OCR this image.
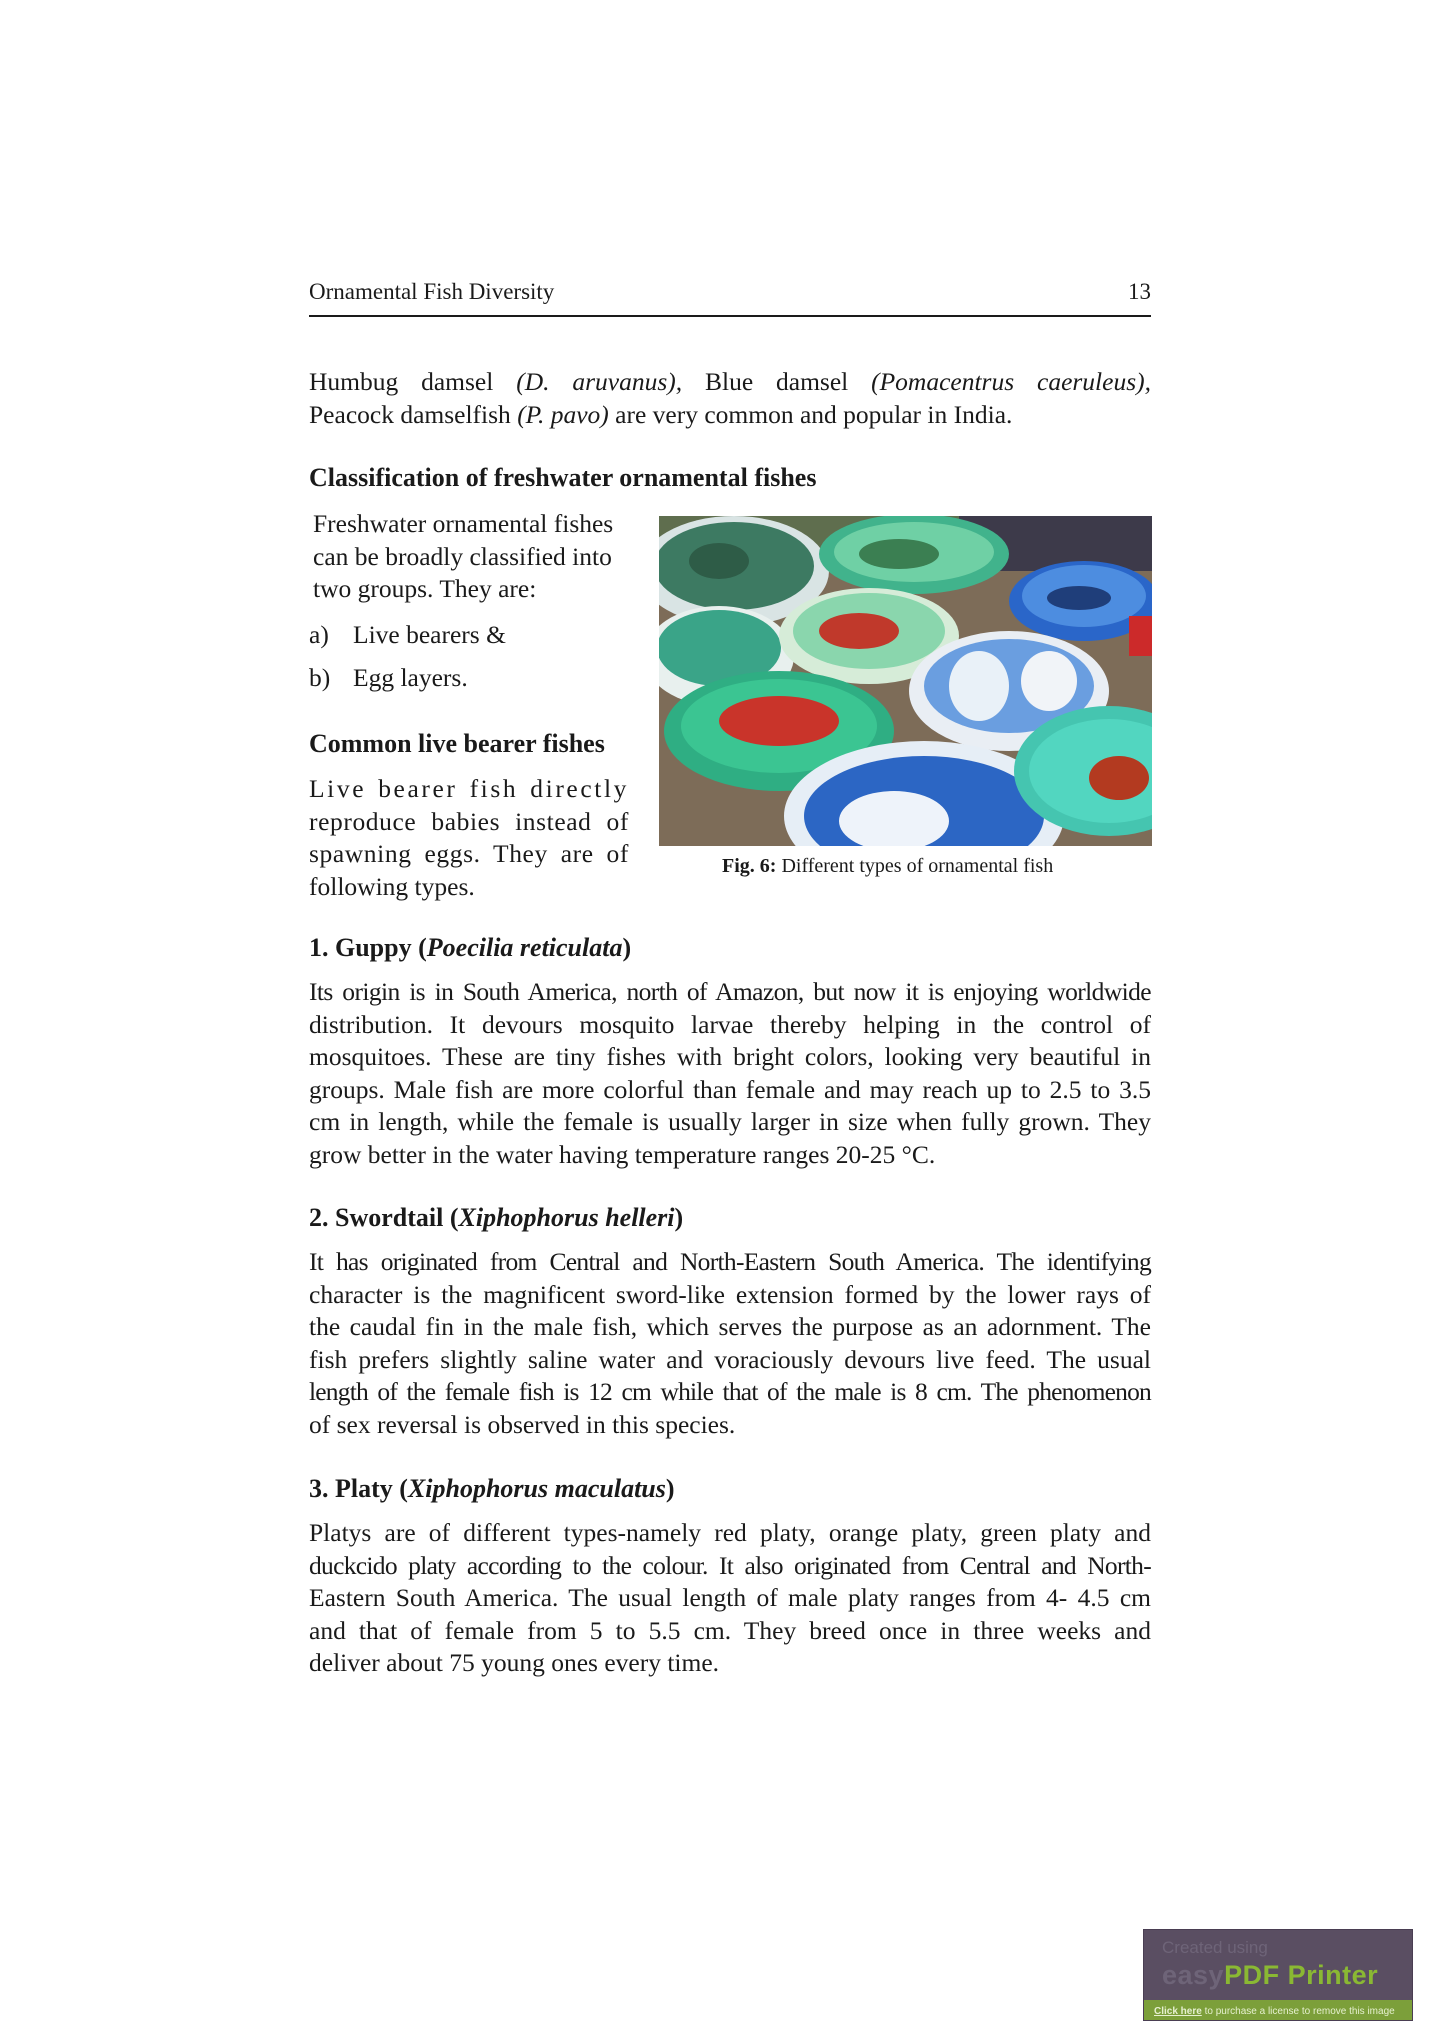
Ornamental Fish Diversity	13
Humbug damsel (D. aruvanus), Blue damsel (Pomacentrus caeruleus),
Peacock damselfish (P. pavo) are very common and popular in India.
Classification of freshwater ornamental fishes
Freshwater ornamental fishes
can be broadly classified into
two groups. They are:
a) Live bearers &
b) Egg layers.
Common live bearer fishes
Live bearer fish directly
reproduce babies instead of
spawning eggs. They are of
following types.
Fig. 6: Different types of ornamental fish
1. Guppy (Poecilia reticulata)
Its origin is in South America, north of Amazon, but now it is enjoying worldwide
distribution. It devours mosquito larvae thereby helping in the control of
mosquitoes. These are tiny fishes with bright colors, looking very beautiful in
groups. Male fish are more colorful than female and may reach up to 2.5 to 3.5
cm in length, while the female is usually larger in size when fully grown. They
grow better in the water having temperature ranges 20-25 °C.
2. Swordtail (Xiphophorus helleri)
It has originated from Central and North-Eastern South America. The identifying
character is the magnificent sword-like extension formed by the lower rays of
the caudal fin in the male fish, which serves the purpose as an adornment. The
fish prefers slightly saline water and voraciously devours live feed. The usual
length of the female fish is 12 cm while that of the male is 8 cm. The phenomenon
of sex reversal is observed in this species.
3. Platy (Xiphophorus maculatus)
Platys are of different types-namely red platy, orange platy, green platy and
duckcido platy according to the colour. It also originated from Central and North-
Eastern South America. The usual length of male platy ranges from 4- 4.5 cm
and that of female from 5 to 5.5 cm. They breed once in three weeks and
deliver about 75 young ones every time.
Created using
easyPDF Printer
Click here to purchase a license to remove this image
